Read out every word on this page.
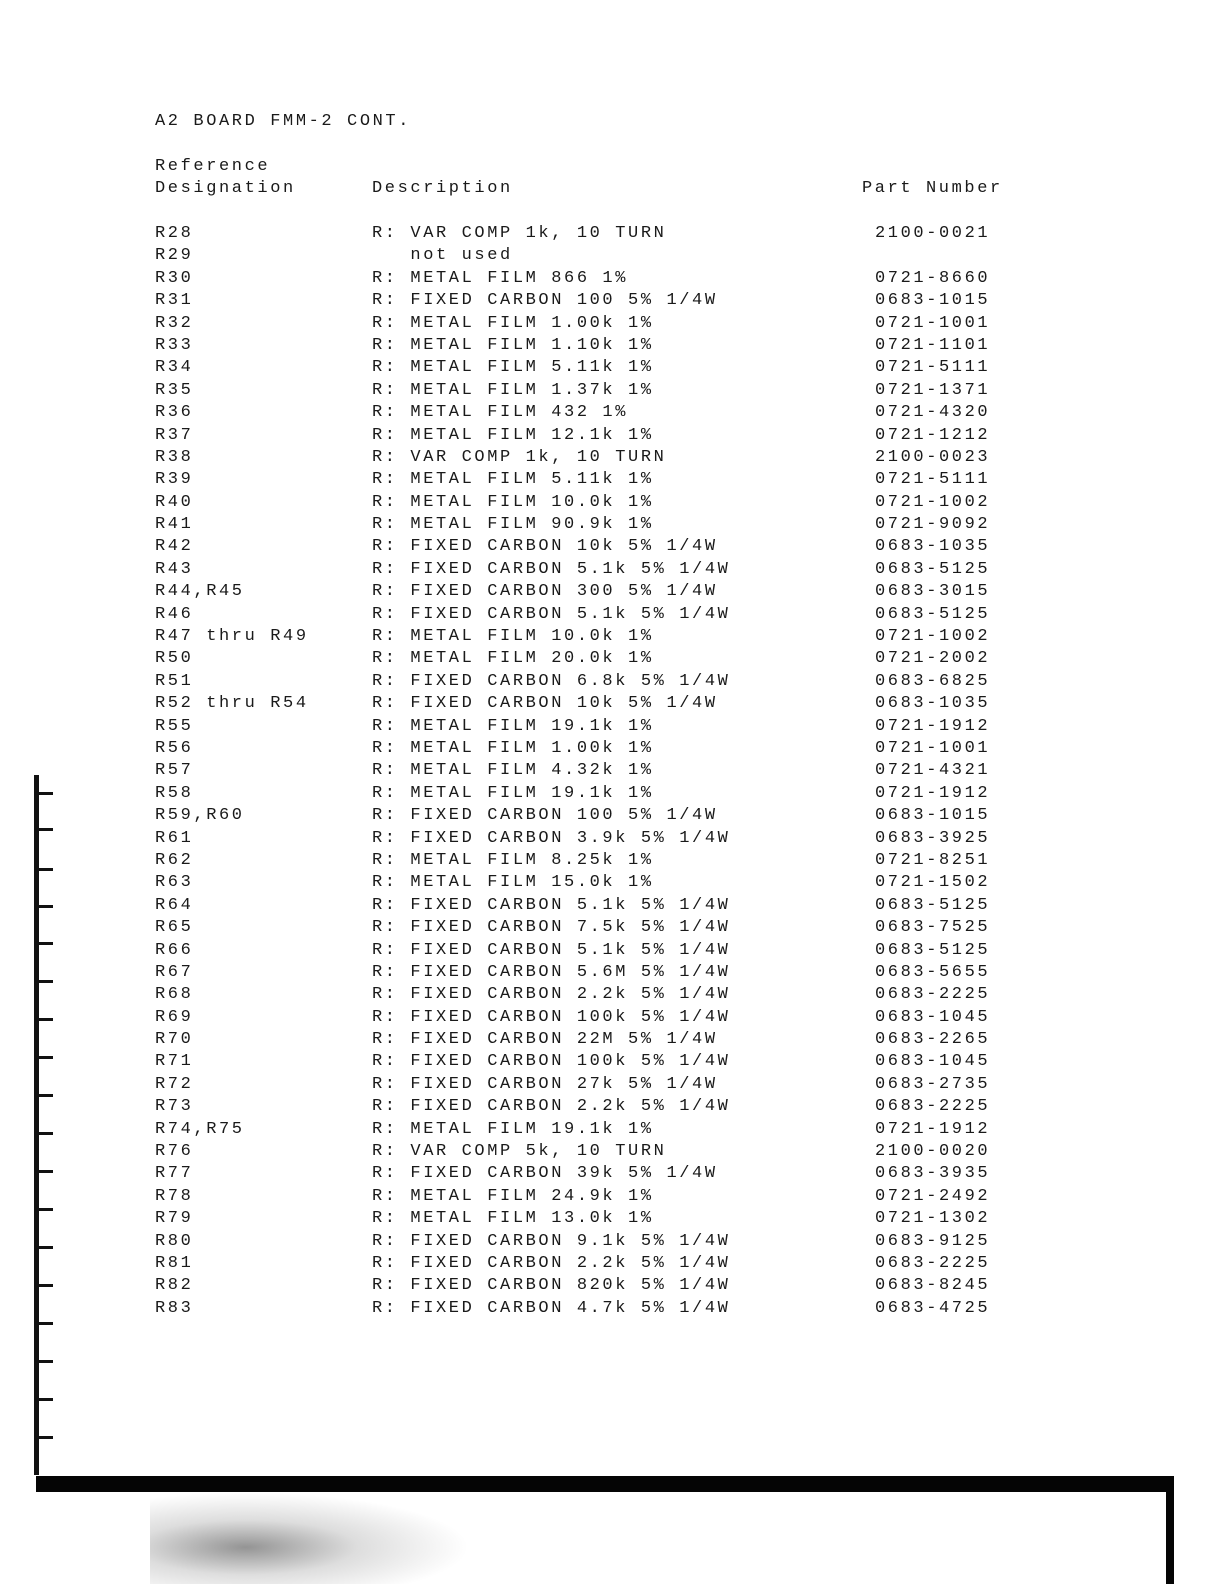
A2 BOARD FMM-2 CONT.
Reference
Designation	Description	Part Number
R28	R: VAR COMP 1k, 10 TURN	2100-0021
R29	not used
R30	R: METAL FILM 866 1%	0721-8660
R31	R: FIXED CARBON 100 5% 1/4W	0683-1015
R32	R: METAL FILM 1.00k 1%	0721-1001
R33	R: METAL FILM 1.10k 1%	0721-1101
R34	R: METAL FILM 5.11k 1%	0721-5111
R35	R: METAL FILM 1.37k 1%	0721-1371
R36	R: METAL FILM 432 1%	0721-4320
R37	R: METAL FILM 12.1k 1%	0721-1212
R38	R: VAR COMP 1k, 10 TURN	2100-0023
R39	R: METAL FILM 5.11k 1%	0721-5111
R40	R: METAL FILM 10.0k 1%	0721-1002
R41	R: METAL FILM 90.9k 1%	0721-9092
R42	R: FIXED CARBON 10k 5% 1/4W	0683-1035
R43	R: FIXED CARBON 5.1k 5% 1/4W	0683-5125
R44,R45	R: FIXED CARBON 300 5% 1/4W	0683-3015
R46	R: FIXED CARBON 5.1k 5% 1/4W	0683-5125
R47 thru R49	R: METAL FILM 10.0k 1%	0721-1002
R50	R: METAL FILM 20.0k 1%	0721-2002
R51	R: FIXED CARBON 6.8k 5% 1/4W	0683-6825
R52 thru R54	R: FIXED CARBON 10k 5% 1/4W	0683-1035
R55	R: METAL FILM 19.1k 1%	0721-1912
R56	R: METAL FILM 1.00k 1%	0721-1001
R57	R: METAL FILM 4.32k 1%	0721-4321
R58	R: METAL FILM 19.1k 1%	0721-1912
R59,R60	R: FIXED CARBON 100 5% 1/4W	0683-1015
R61	R: FIXED CARBON 3.9k 5% 1/4W	0683-3925
R62	R: METAL FILM 8.25k 1%	0721-8251
R63	R: METAL FILM 15.0k 1%	0721-1502
R64	R: FIXED CARBON 5.1k 5% 1/4W	0683-5125
R65	R: FIXED CARBON 7.5k 5% 1/4W	0683-7525
R66	R: FIXED CARBON 5.1k 5% 1/4W	0683-5125
R67	R: FIXED CARBON 5.6M 5% 1/4W	0683-5655
R68	R: FIXED CARBON 2.2k 5% 1/4W	0683-2225
R69	R: FIXED CARBON 100k 5% 1/4W	0683-1045
R70	R: FIXED CARBON 22M 5% 1/4W	0683-2265
R71	R: FIXED CARBON 100k 5% 1/4W	0683-1045
R72	R: FIXED CARBON 27k 5% 1/4W	0683-2735
R73	R: FIXED CARBON 2.2k 5% 1/4W	0683-2225
R74,R75	R: METAL FILM 19.1k 1%	0721-1912
R76	R: VAR COMP 5k, 10 TURN	2100-0020
R77	R: FIXED CARBON 39k 5% 1/4W	0683-3935
R78	R: METAL FILM 24.9k 1%	0721-2492
R79	R: METAL FILM 13.0k 1%	0721-1302
R80	R: FIXED CARBON 9.1k 5% 1/4W	0683-9125
R81	R: FIXED CARBON 2.2k 5% 1/4W	0683-2225
R82	R: FIXED CARBON 820k 5% 1/4W	0683-8245
R83	R: FIXED CARBON 4.7k 5% 1/4W	0683-4725
